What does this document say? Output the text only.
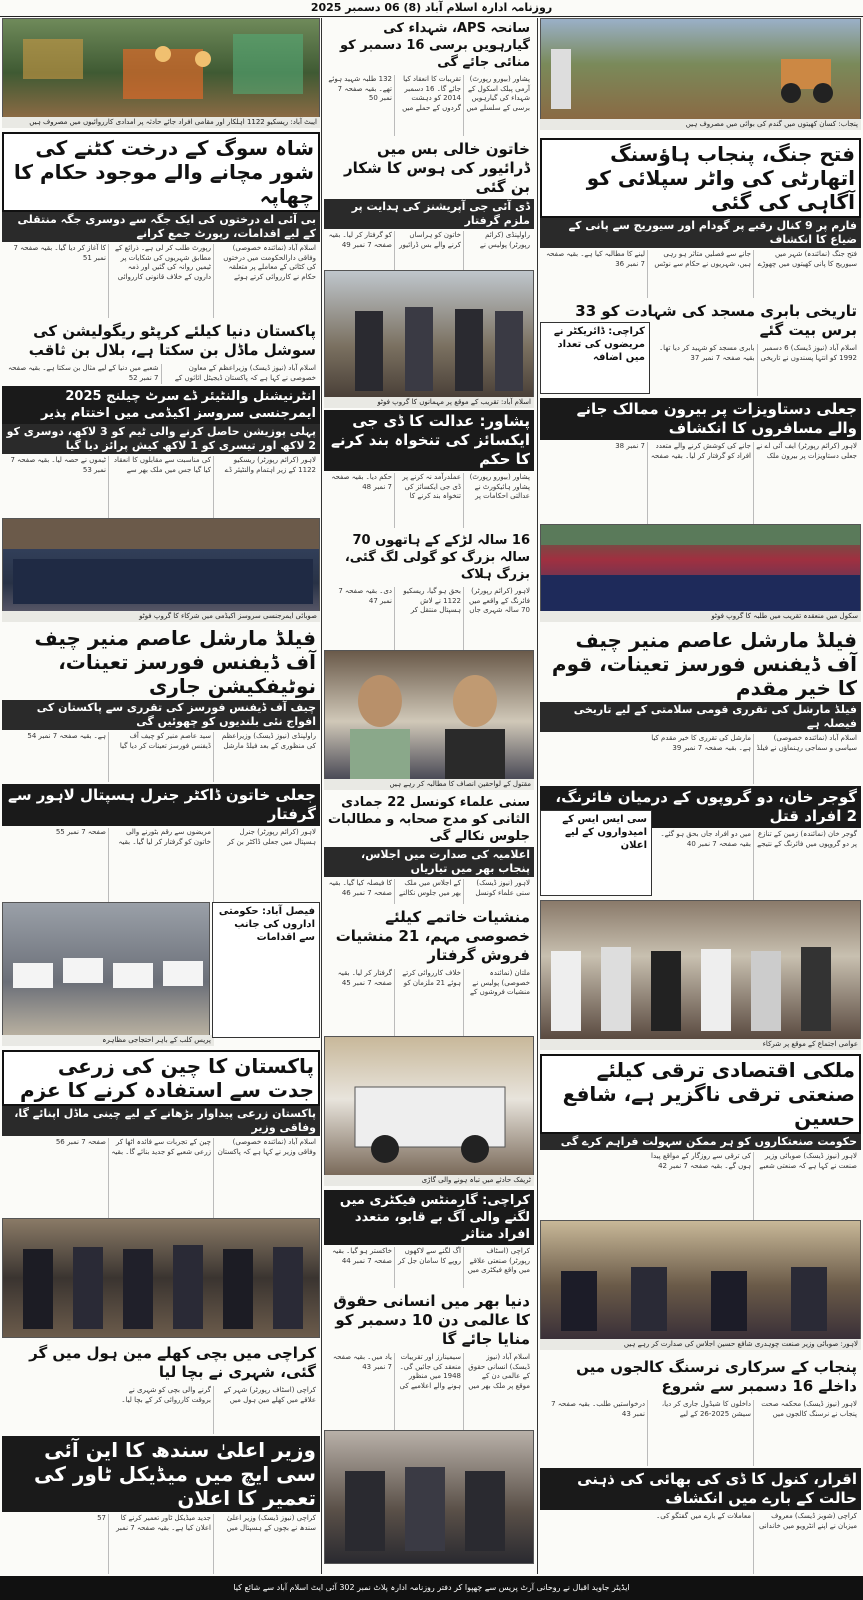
روزنامہ ادارہ اسلام آباد (8) 06 دسمبر 2025
ایبٹ آباد: ریسکیو 1122 اہلکار اور مقامی افراد جائے حادثہ پر امدادی کارروائیوں میں مصروف ہیں
شاہ سوگ کے درخت کٹنے کی شور مچانے والے موجود حکام کا چھاپہ
بی آئی اے درختوں کی ایک جگہ سے دوسری جگہ منتقلی کے لیے اقدامات، رپورٹ جمع کرانے

اسلام آباد (نمائندہ خصوصی) وفاقی دارالحکومت میں درختوں کی کٹائی کے معاملے پر متعلقہ حکام نے کارروائی کرتے ہوئے رپورٹ طلب کر لی ہے۔ ذرائع کے مطابق شہریوں کی شکایات پر ٹیمیں روانہ کی گئیں اور ذمہ داروں کے خلاف قانونی کارروائی کا آغاز کر دیا گیا۔ بقیہ صفحہ 7 نمبر 51

پاکستان دنیا کیلئے کرپٹو ریگولیشن کی سوشل ماڈل بن سکتا ہے، بلال بن ثاقب

اسلام آباد (نیوز ڈیسک) وزیراعظم کے معاون خصوصی نے کہا ہے کہ پاکستان ڈیجیٹل اثاثوں کے شعبے میں دنیا کے لیے مثال بن سکتا ہے۔ بقیہ صفحہ 7 نمبر 52

انٹرنیشنل والنٹیئر ڈے سرٹ چیلنج 2025 ایمرجنسی سروسز اکیڈمی میں اختتام پذیر
پہلی پوزیشن حاصل کرنے والی ٹیم کو 3 لاکھ، دوسری کو 2 لاکھ اور تیسری کو 1 لاکھ کیش پرائز دیا گیا

لاہور (کرائم رپورٹر) ریسکیو 1122 کے زیر اہتمام والنٹیئر ڈے کی مناسبت سے مقابلوں کا انعقاد کیا گیا جس میں ملک بھر سے ٹیموں نے حصہ لیا۔ بقیہ صفحہ 7 نمبر 53

صوبائی ایمرجنسی سروسز اکیڈمی میں شرکاء کا گروپ فوٹو
فیلڈ مارشل عاصم منیر چیف آف ڈیفنس فورسز تعینات، نوٹیفکیشن جاری
چیف آف ڈیفنس فورسز کی تقرری سے پاکستان کی افواج نئی بلندیوں کو چھوئیں گی

راولپنڈی (نیوز ڈیسک) وزیراعظم کی منظوری کے بعد فیلڈ مارشل سید عاصم منیر کو چیف آف ڈیفنس فورسز تعینات کر دیا گیا ہے۔ بقیہ صفحہ 7 نمبر 54

جعلی خاتون ڈاکٹر جنرل ہسپتال لاہور سے گرفتار

لاہور (کرائم رپورٹر) جنرل ہسپتال میں جعلی ڈاکٹر بن کر مریضوں سے رقم بٹورنے والی خاتون کو گرفتار کر لیا گیا۔ بقیہ صفحہ 7 نمبر 55

پریس کلب کے باہر احتجاجی مظاہرہ
فیصل آباد: حکومتی اداروں کی جانب سے اقدامات
پاکستان کا چین کی زرعی جدت سے استفادہ کرنے کا عزم
پاکستان زرعی پیداوار بڑھانے کے لیے چینی ماڈل اپنائے گا، وفاقی وزیر

اسلام آباد (نمائندہ خصوصی) وفاقی وزیر نے کہا ہے کہ پاکستان چین کے تجربات سے فائدہ اٹھا کر زرعی شعبے کو جدید بنائے گا۔ بقیہ صفحہ 7 نمبر 56

کراچی میں بچی کھلے مین ہول میں گر گئی، شہری نے بچا لیا

کراچی (اسٹاف رپورٹر) شہر کے علاقے میں کھلے مین ہول میں گرنے والی بچی کو شہری نے بروقت کارروائی کر کے بچا لیا۔

وزیر اعلیٰ سندھ کا این آئی سی ایچ میں میڈیکل ٹاور کی تعمیر کا اعلان

کراچی (نیوز ڈیسک) وزیر اعلیٰ سندھ نے بچوں کے ہسپتال میں جدید میڈیکل ٹاور تعمیر کرنے کا اعلان کیا ہے۔ بقیہ صفحہ 7 نمبر 57

سانحہ APS، شہداء کی گیارہویں برسی 16 دسمبر کو منائی جائے گی

پشاور (بیورو رپورٹ) آرمی پبلک اسکول کے شہداء کی گیارہویں برسی کے سلسلے میں تقریبات کا انعقاد کیا جائے گا۔ 16 دسمبر 2014 کو دہشت گردوں کے حملے میں 132 طلبہ شہید ہوئے تھے۔ بقیہ صفحہ 7 نمبر 50

خاتون خالی بس میں ڈرائیور کی ہوس کا شکار بن گئی
ڈی آئی جی آپریشنز کی ہدایت پر ملزم گرفتار

راولپنڈی (کرائم رپورٹر) پولیس نے خاتون کو ہراساں کرنے والے بس ڈرائیور کو گرفتار کر لیا۔ بقیہ صفحہ 7 نمبر 49

اسلام آباد: تقریب کے موقع پر مہمانوں کا گروپ فوٹو
پشاور: عدالت کا ڈی جی ایکسائز کی تنخواہ بند کرنے کا حکم

پشاور (بیورو رپورٹ) پشاور ہائیکورٹ نے عدالتی احکامات پر عملدرآمد نہ کرنے پر ڈی جی ایکسائز کی تنخواہ بند کرنے کا حکم دیا۔ بقیہ صفحہ 7 نمبر 48

16 سالہ لڑکے کے ہاتھوں 70 سالہ بزرگ کو گولی لگ گئی، بزرگ ہلاک

لاہور (کرائم رپورٹر) فائرنگ کے واقعے میں 70 سالہ شہری جاں بحق ہو گیا، ریسکیو 1122 نے لاش ہسپتال منتقل کر دی۔ بقیہ صفحہ 7 نمبر 47

مقتول کے لواحقین انصاف کا مطالبہ کر رہے ہیں
سنی علماء کونسل 22 جمادی الثانی کو مدح صحابہ و مطالبات جلوس نکالے گی
اعلامیہ کی صدارت میں اجلاس، پنجاب بھر میں تیاریاں

لاہور (نیوز ڈیسک) سنی علماء کونسل کے اجلاس میں ملک بھر میں جلوس نکالنے کا فیصلہ کیا گیا۔ بقیہ صفحہ 7 نمبر 46

منشیات خاتمے کیلئے خصوصی مہم، 21 منشیات فروش گرفتار

ملتان (نمائندہ خصوصی) پولیس نے منشیات فروشوں کے خلاف کارروائی کرتے ہوئے 21 ملزمان کو گرفتار کر لیا۔ بقیہ صفحہ 7 نمبر 45

ٹریفک حادثے میں تباہ ہونے والی گاڑی
کراچی: گارمنٹس فیکٹری میں لگنے والی آگ بے قابو، متعدد افراد متاثر

کراچی (اسٹاف رپورٹر) صنعتی علاقے میں واقع فیکٹری میں آگ لگنے سے لاکھوں روپے کا سامان جل کر خاکستر ہو گیا۔ بقیہ صفحہ 7 نمبر 44

دنیا بھر میں انسانی حقوق کا عالمی دن 10 دسمبر کو منایا جائے گا

اسلام آباد (نیوز ڈیسک) انسانی حقوق کے عالمی دن کے موقع پر ملک بھر میں سیمینارز اور تقریبات منعقد کی جائیں گی۔ 1948 میں منظور ہونے والے اعلامیے کی یاد میں۔ بقیہ صفحہ 7 نمبر 43

پنجاب: کسان کھیتوں میں گندم کی بوائی میں مصروف ہیں
فتح جنگ، پنجاب ہاؤسنگ اتھارٹی کی واٹر سپلائی کو آگاہی کی گئی
فارم پر 9 کنال رقبے پر گودام اور سیوریج سے پانی کے ضیاع کا انکشاف

فتح جنگ (نمائندہ) شہر میں سیوریج کا پانی کھیتوں میں چھوڑے جانے سے فصلیں متاثر ہو رہی ہیں، شہریوں نے حکام سے نوٹس لینے کا مطالبہ کیا ہے۔ بقیہ صفحہ 7 نمبر 36

تاریخی بابری مسجد کی شہادت کو 33 برس بیت گئے

اسلام آباد (نیوز ڈیسک) 6 دسمبر 1992 کو انتہا پسندوں نے تاریخی بابری مسجد کو شہید کر دیا تھا۔ بقیہ صفحہ 7 نمبر 37

کراچی: ڈائریکٹر نے مریضوں کی تعداد میں اضافہ
جعلی دستاویزات پر بیرون ممالک جانے والے مسافروں کا انکشاف

لاہور (کرائم رپورٹر) ایف آئی اے نے جعلی دستاویزات پر بیرون ملک جانے کی کوشش کرنے والے متعدد افراد کو گرفتار کر لیا۔ بقیہ صفحہ 7 نمبر 38

سکول میں منعقدہ تقریب میں طلبہ کا گروپ فوٹو
فیلڈ مارشل عاصم منیر چیف آف ڈیفنس فورسز تعینات، قوم کا خیر مقدم
فیلڈ مارشل کی تقرری قومی سلامتی کے لیے تاریخی فیصلہ ہے

اسلام آباد (نمائندہ خصوصی) سیاسی و سماجی رہنماؤں نے فیلڈ مارشل کی تقرری کا خیر مقدم کیا ہے۔ بقیہ صفحہ 7 نمبر 39

گوجر خان، دو گروپوں کے درمیان فائرنگ، 2 افراد قتل

گوجر خان (نمائندہ) زمین کے تنازع پر دو گروپوں میں فائرنگ کے نتیجے میں دو افراد جاں بحق ہو گئے۔ بقیہ صفحہ 7 نمبر 40

عوامی اجتماع کے موقع پر شرکاء
سی ایس ایس کے امیدواروں کے لیے اعلان
ملکی اقتصادی ترقی کیلئے صنعتی ترقی ناگزیر ہے، شافع حسین
حکومت صنعتکاروں کو ہر ممکن سہولت فراہم کرے گی

لاہور (نیوز ڈیسک) صوبائی وزیر صنعت نے کہا ہے کہ صنعتی شعبے کی ترقی سے روزگار کے مواقع پیدا ہوں گے۔ بقیہ صفحہ 7 نمبر 42

لاہور: صوبائی وزیر صنعت چوہدری شافع حسین اجلاس کی صدارت کر رہے ہیں
پنجاب کے سرکاری نرسنگ کالجوں میں داخلے 16 دسمبر سے شروع

لاہور (نیوز ڈیسک) محکمہ صحت پنجاب نے نرسنگ کالجوں میں داخلوں کا شیڈول جاری کر دیا، سیشن 2025-26 کے لیے درخواستیں طلب۔ بقیہ صفحہ 7 نمبر 43

اقرار، کنول کا ڈی کی بھائی کی ذہنی حالت کے بارے میں انکشاف

کراچی (شوبز ڈیسک) معروف میزبان نے اپنے انٹرویو میں خاندانی معاملات کے بارے میں گفتگو کی۔

ایڈیٹر جاوید اقبال نے روحانی آرٹ پریس سے چھپوا کر دفتر روزنامہ ادارہ پلاٹ نمبر 302 آئی ایٹ اسلام آباد سے شائع کیا
